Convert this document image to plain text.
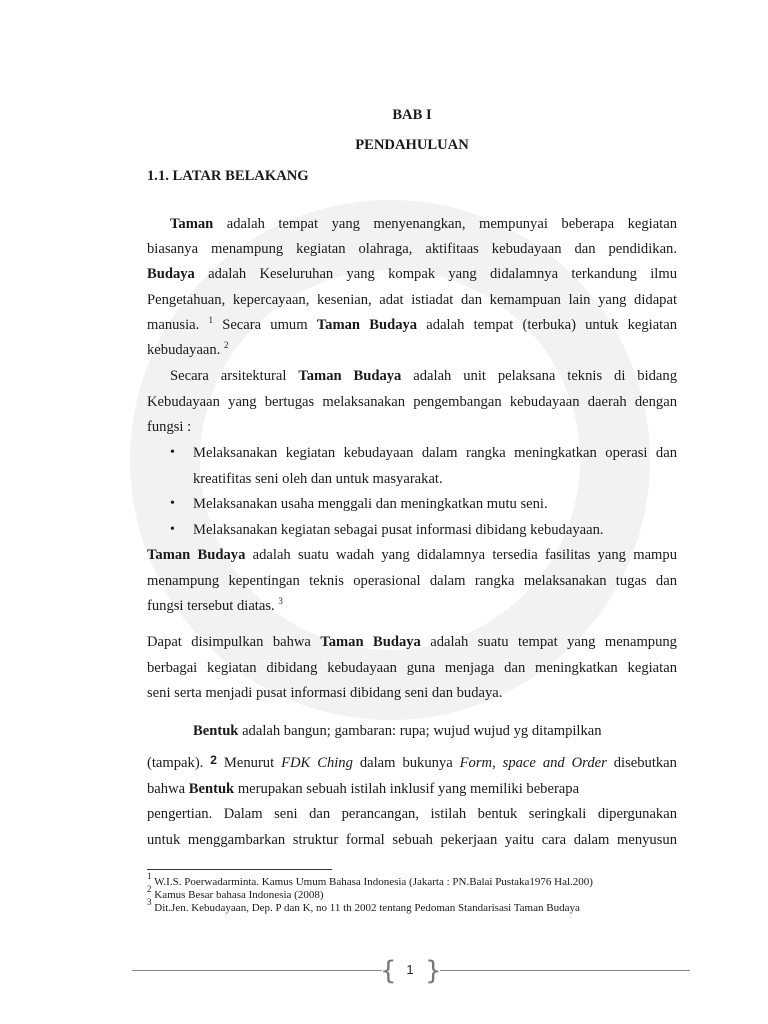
BAB I
PENDAHULUAN
1.1. LATAR BELAKANG
Taman adalah tempat yang menyenangkan, mempunyai beberapa kegiatan
biasanya menampung kegiatan olahraga, aktifitaas kebudayaan dan pendidikan.
Budaya adalah Keseluruhan yang kompak yang didalamnya terkandung ilmu
Pengetahuan, kepercayaan, kesenian, adat istiadat dan kemampuan lain yang didapat
manusia. $^1$ Secara umum Taman Budaya adalah tempat (terbuka) untuk kegiatan
kebudayaan. $^2$
Secara arsitektural Taman Budaya adalah unit pelaksana teknis di bidang
Kebudayaan yang bertugas melaksanakan pengembangan kebudayaan daerah dengan
fungsi :
• Melaksanakan kegiatan kebudayaan dalam rangka meningkatkan operasi dan
kreatifitas seni oleh dan untuk masyarakat.
• Melaksanakan usaha menggali dan meningkatkan mutu seni.
• Melaksanakan kegiatan sebagai pusat informasi dibidang kebudayaan.
Taman Budaya adalah suatu wadah yang didalamnya tersedia fasilitas yang mampu
menampung kepentingan teknis operasional dalam rangka melaksanakan tugas dan
fungsi tersebut diatas. $^3$
Dapat disimpulkan bahwa Taman Budaya adalah suatu tempat yang menampung
berbagai kegiatan dibidang kebudayaan guna menjaga dan meningkatkan kegiatan
seni serta menjadi pusat informasi dibidang seni dan budaya.
Bentuk adalah bangun; gambaran: rupa; wujud wujud yg ditampilkan
(tampak). $^2$ Menurut FDK Ching dalam bukunya Form, space and Order disebutkan
bahwa Bentuk merupakan sebuah istilah inklusif yang memiliki beberapa
pengertian. Dalam seni dan perancangan, istilah bentuk seringkali dipergunakan
untuk menggambarkan struktur formal sebuah pekerjaan yaitu cara dalam menyusun
$^1$ W.I.S. Poerwadarminta. Kamus Umum Bahasa Indonesia (Jakarta : PN.Balai Pustaka1976 Hal.200)
$^2$ Kamus Besar bahasa Indonesia (2008)
$^3$ Dit.Jen. Kebudayaan, Dep. P dan K, no 11 th 2002 tentang Pedoman Standarisasi Taman Budaya
{ }
1
